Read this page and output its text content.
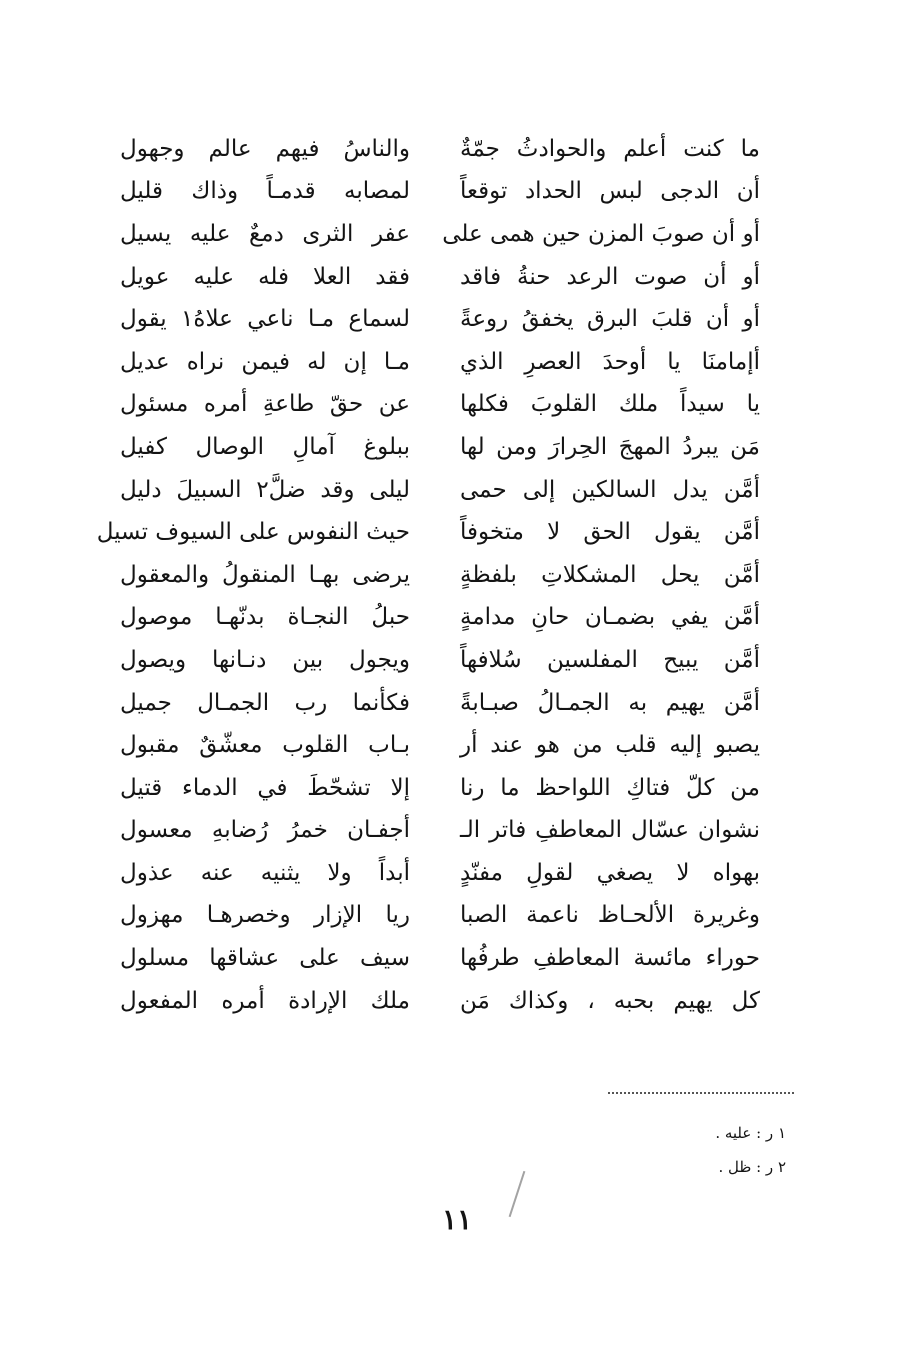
ما كنت أعلم والحوادثُ جمّةٌ
والناسُ فيهم عالم وجهول
أن الدجى لبس الحداد توقعاً
لمصابه قدمـاً وذاك قليل
أو أن صوبَ المزن حين همى على
عفر الثرى دمعٌ عليه يسيل
أو أن صوت الرعد حنةُ فاقد
فقد العلا فله عليه عويل
أو أن قلبَ البرق يخفقُ روعةً
لسماع مـا ناعي علاهُ١ يقول
أإمامنَا يا أوحدَ العصرِ الذي
مـا إن له فيمن نراه عديل
يا سيداً ملك القلوبَ فكلها
عن حقّ طاعةِ أمره مسئول
مَن يبردُ المهجَ الحِرارَ ومن لها
ببلوغ آمالِ الوصال كفيل
أمَّن يدل السالكين إلى حمى
ليلى وقد ضلَّ٢ السبيلَ دليل
أمَّن يقول الحق لا متخوفاً
حيث النفوس على السيوف تسيل
أمَّن يحل المشكلاتِ بلفظةٍ
يرضى بهـا المنقولُ والمعقول
أمَّن يفي بضمـان حانِ مدامةٍ
حبلُ النجـاة بدنّهـا موصول
أمَّن يبيح المفلسين سُلافهاً
ويجول بين دنـانها ويصول
أمَّن يهيم به الجمـالُ صبـابةً
فكأنما رب الجمـال جميل
يصبو إليه قلب من هو عند أر
بـاب القلوب معشّقٌ مقبول
من كلّ فتاكِ اللواحظ ما رنا
إلا تشحّطَ في الدماء قتيل
نشوان عسّال المعاطفِ فاتر الـ
أجفـان خمرُ رُضابهِ معسول
بهواه لا يصغي لقولِ مفنّدٍ
أبداً ولا يثنيه عنه عذول
وغريرة الألحـاظ ناعمة الصبا
ريا الإزار وخصرهـا مهزول
حوراء مائسة المعاطفِ طرفُها
سيف على عشاقها مسلول
كل يهيم بحبه ، وكذاك مَن
ملك الإرادة أمره المفعول
١ ر : عليه .
٢ ر : ظل .
١١
